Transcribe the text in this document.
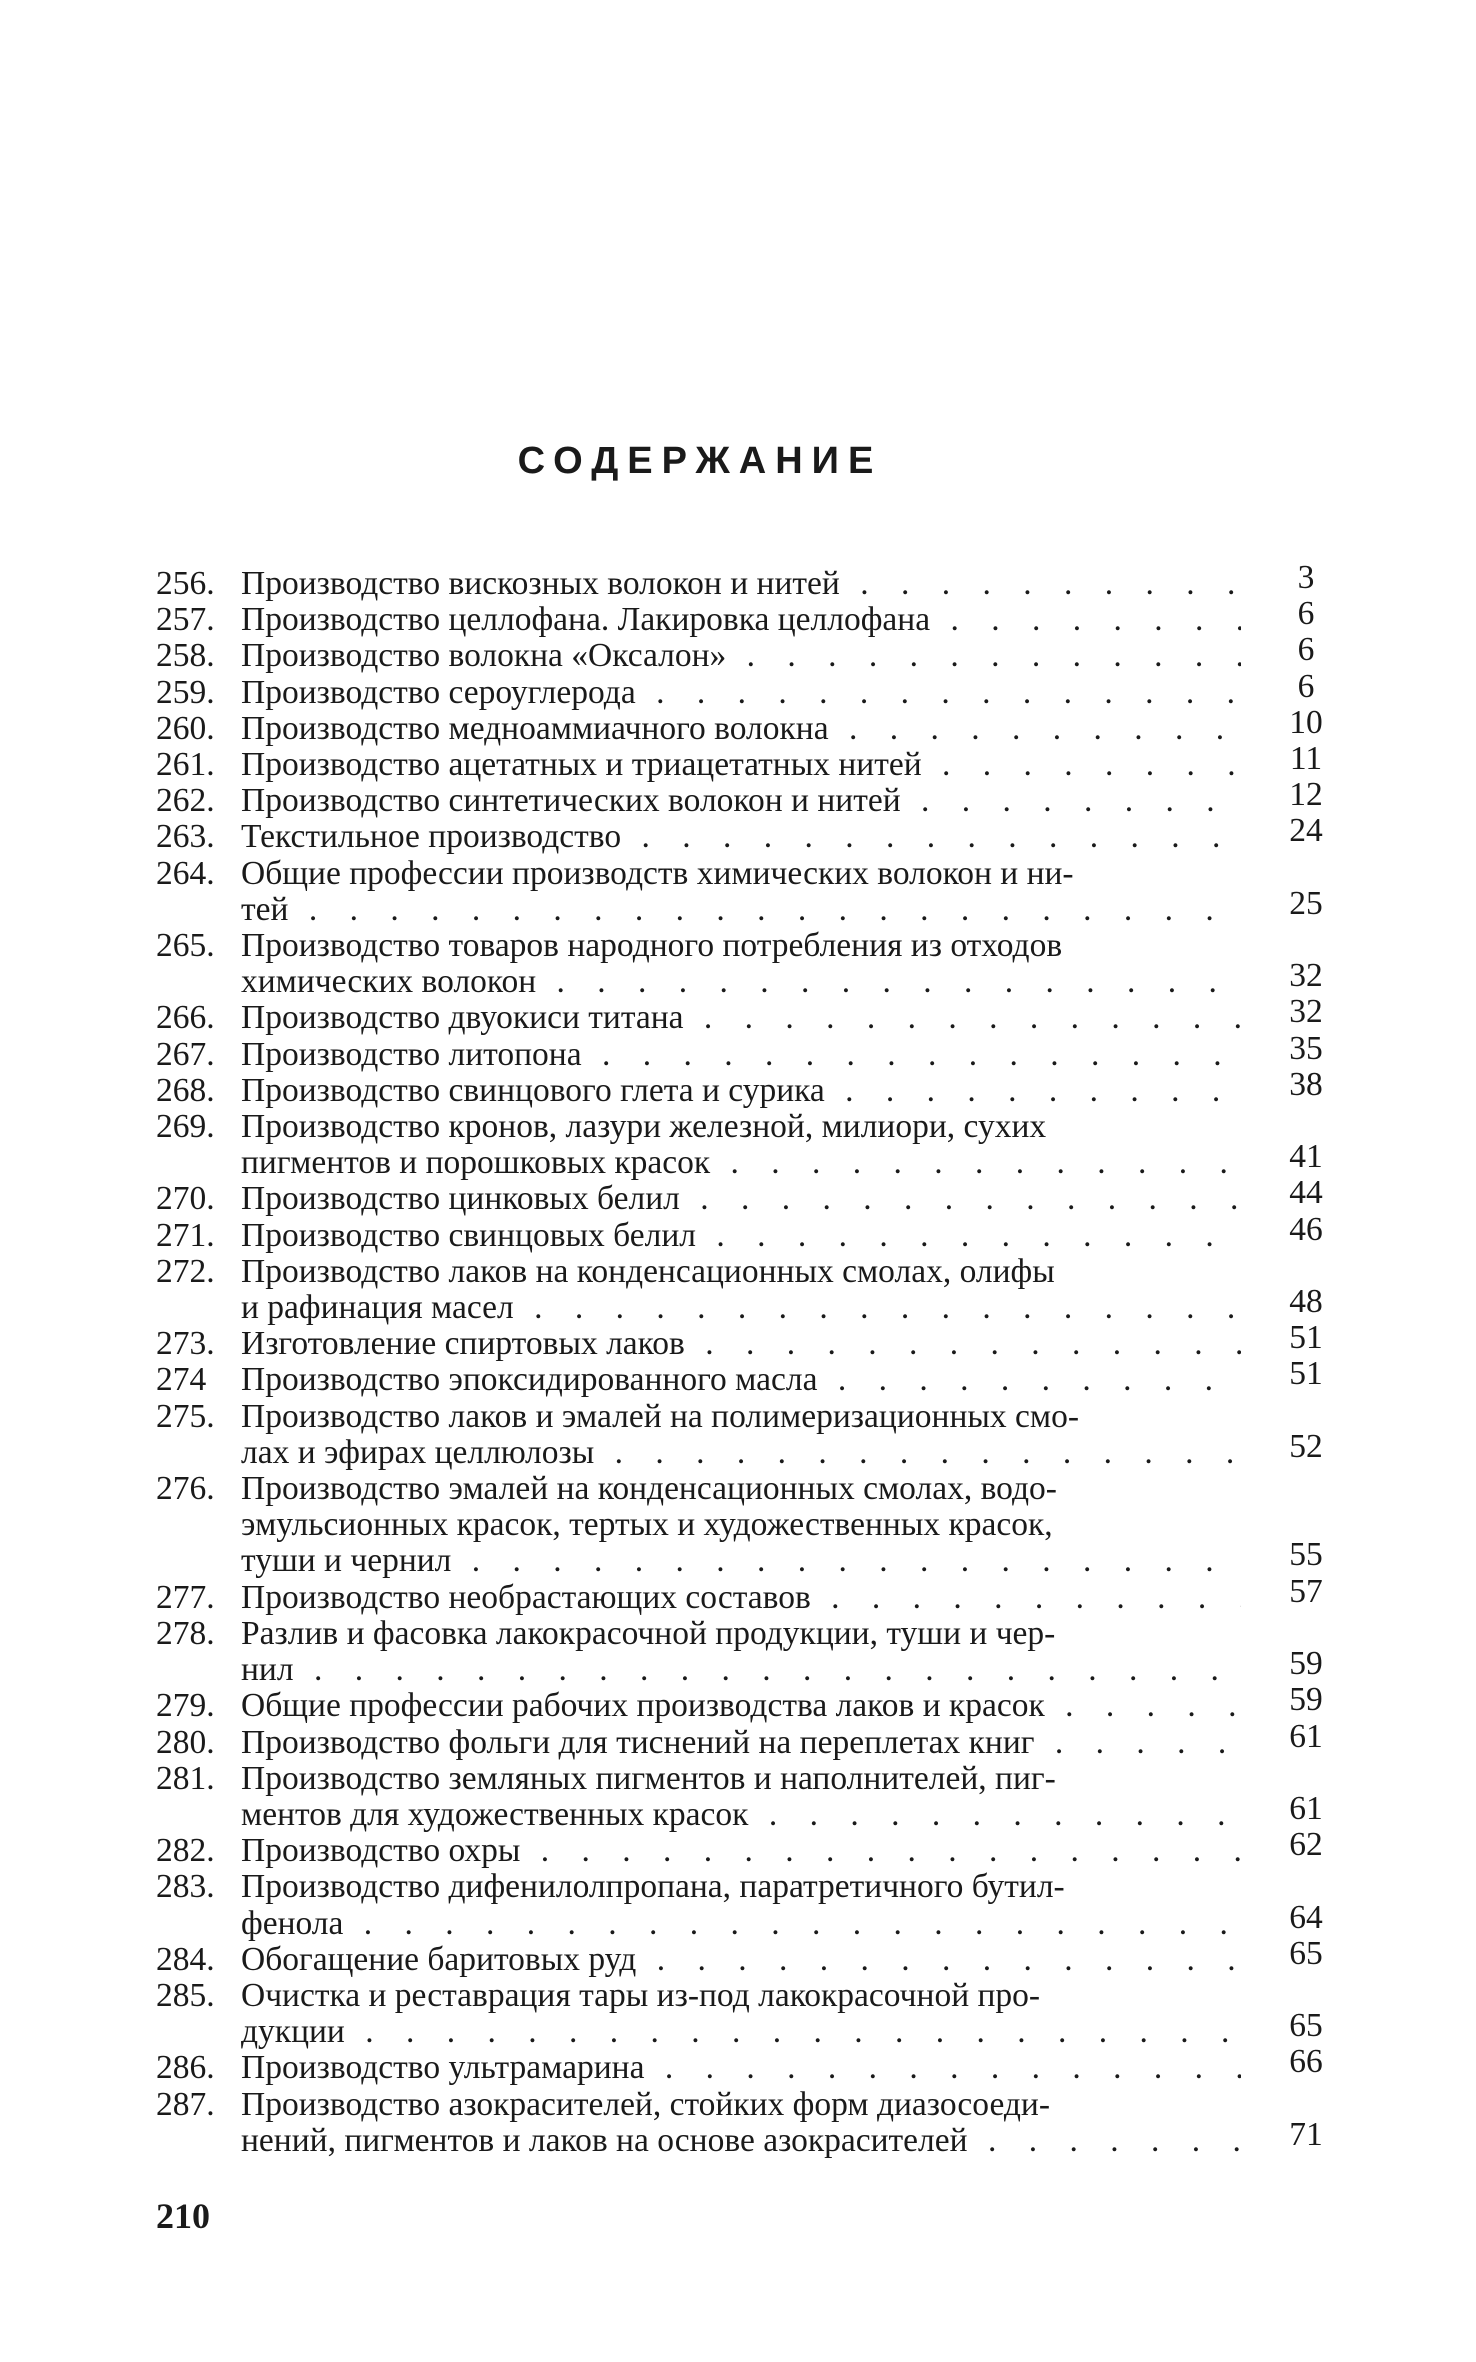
СОДЕРЖАНИЕ
256. Производство вискозных волокон и нитей . . .	3
257. Производство целлофана. Лакировка целлофана . . .	6
258. Производство волокна «Оксалон» . . .	6
259. Производство сероуглерода . . .	6
260. Производство медноаммиачного волокна . . .	10
261. Производство ацетатных и триацетатных нитей . . .	11
262. Производство синтетических волокон и нитей . . .	12
263. Текстильное производство . . .	24
264. Общие профессии производств химических волокон и ни-
тей . . .	25
265. Производство товаров народного потребления из отходов
химических волокон . . .	32
266. Производство двуокиси титана . . .	32
267. Производство литопона . . .	35
268. Производство свинцового глета и сурика . . .	38
269. Производство кронов, лазури железной, милиори, сухих
пигментов и порошковых красок . . .	41
270. Производство цинковых белил . . .	44
271. Производство свинцовых белил . . .	46
272. Производство лаков на конденсационных смолах, олифы
и рафинация масел . . .	48
273. Изготовление спиртовых лаков . . .	51
274	Производство эпоксидированного масла . . .	51
275. Производство лаков и эмалей на полимеризационных смо-
лах и эфирах целлюлозы . . .	52
276. Производство эмалей на конденсационных смолах, водо-
эмульсионных красок, тертых и художественных красок,
туши и чернил . . .	55
277. Производство необрастающих составов . . .	57
278. Разлив и фасовка лакокрасочной продукции, туши и чер-
нил . . .	59
279. Общие профессии рабочих производства лаков и красок . . .	59
280. Производство фольги для тиснений на переплетах книг . . .	61
281. Производство земляных пигментов и наполнителей, пиг-
ментов для художественных красок . . .	61
282. Производство охры . . .	62
283. Производство дифенилолпропана, паратретичного бутил-
фенола . . .	64
284. Обогащение баритовых руд . . .	65
285. Очистка и реставрация тары из-под лакокрасочной про-
дукции . . .	65
286. Производство ультрамарина . . .	66
287. Производство азокрасителей, стойких форм диазосоеди-
нений, пигментов и лаков на основе азокрасителей . . .	71
210
